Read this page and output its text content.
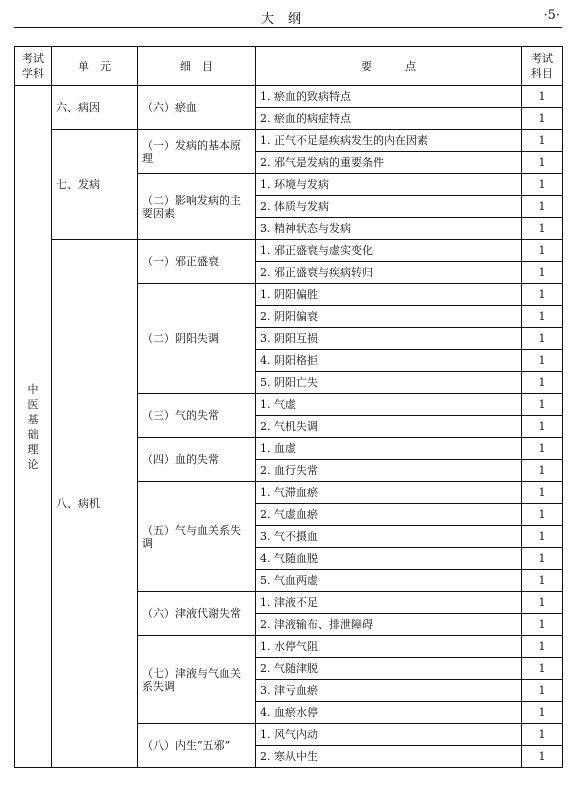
大纲	·5·
考试学科	单　元	细　目	要　　　点	考试科目
中医基础理论	六、病因	（六）瘀血	1. 瘀血的致病特点	1
			2. 瘀血的病症特点	1
	七、发病	（一）发病的基本原理	1. 正气不足是疾病发生的内在因素	1
			2. 邪气是发病的重要条件	1
		（二）影响发病的主要因素	1. 环境与发病	1
			2. 体质与发病	1
			3. 精神状态与发病	1
	八、病机	（一）邪正盛衰	1. 邪正盛衰与虚实变化	1
			2. 邪正盛衰与疾病转归	1
		（二）阴阳失调	1. 阴阳偏胜	1
			2. 阴阳偏衰	1
			3. 阴阳互损	1
			4. 阴阳格拒	1
			5. 阴阳亡失	1
		（三）气的失常	1. 气虚	1
			2. 气机失调	1
		（四）血的失常	1. 血虚	1
			2. 血行失常	1
		（五）气与血关系失调	1. 气滞血瘀	1
			2. 气虚血瘀	1
			3. 气不摄血	1
			4. 气随血脱	1
			5. 气血两虚	1
		（六）津液代谢失常	1. 津液不足	1
			2. 津液输布、排泄障碍	1
		（七）津液与气血关系失调	1. 水停气阻	1
			2. 气随津脱	1
			3. 津亏血瘀	1
			4. 血瘀水停	1
		（八）内生“五邪”	1. 风气内动	1
			2. 寒从中生	1
